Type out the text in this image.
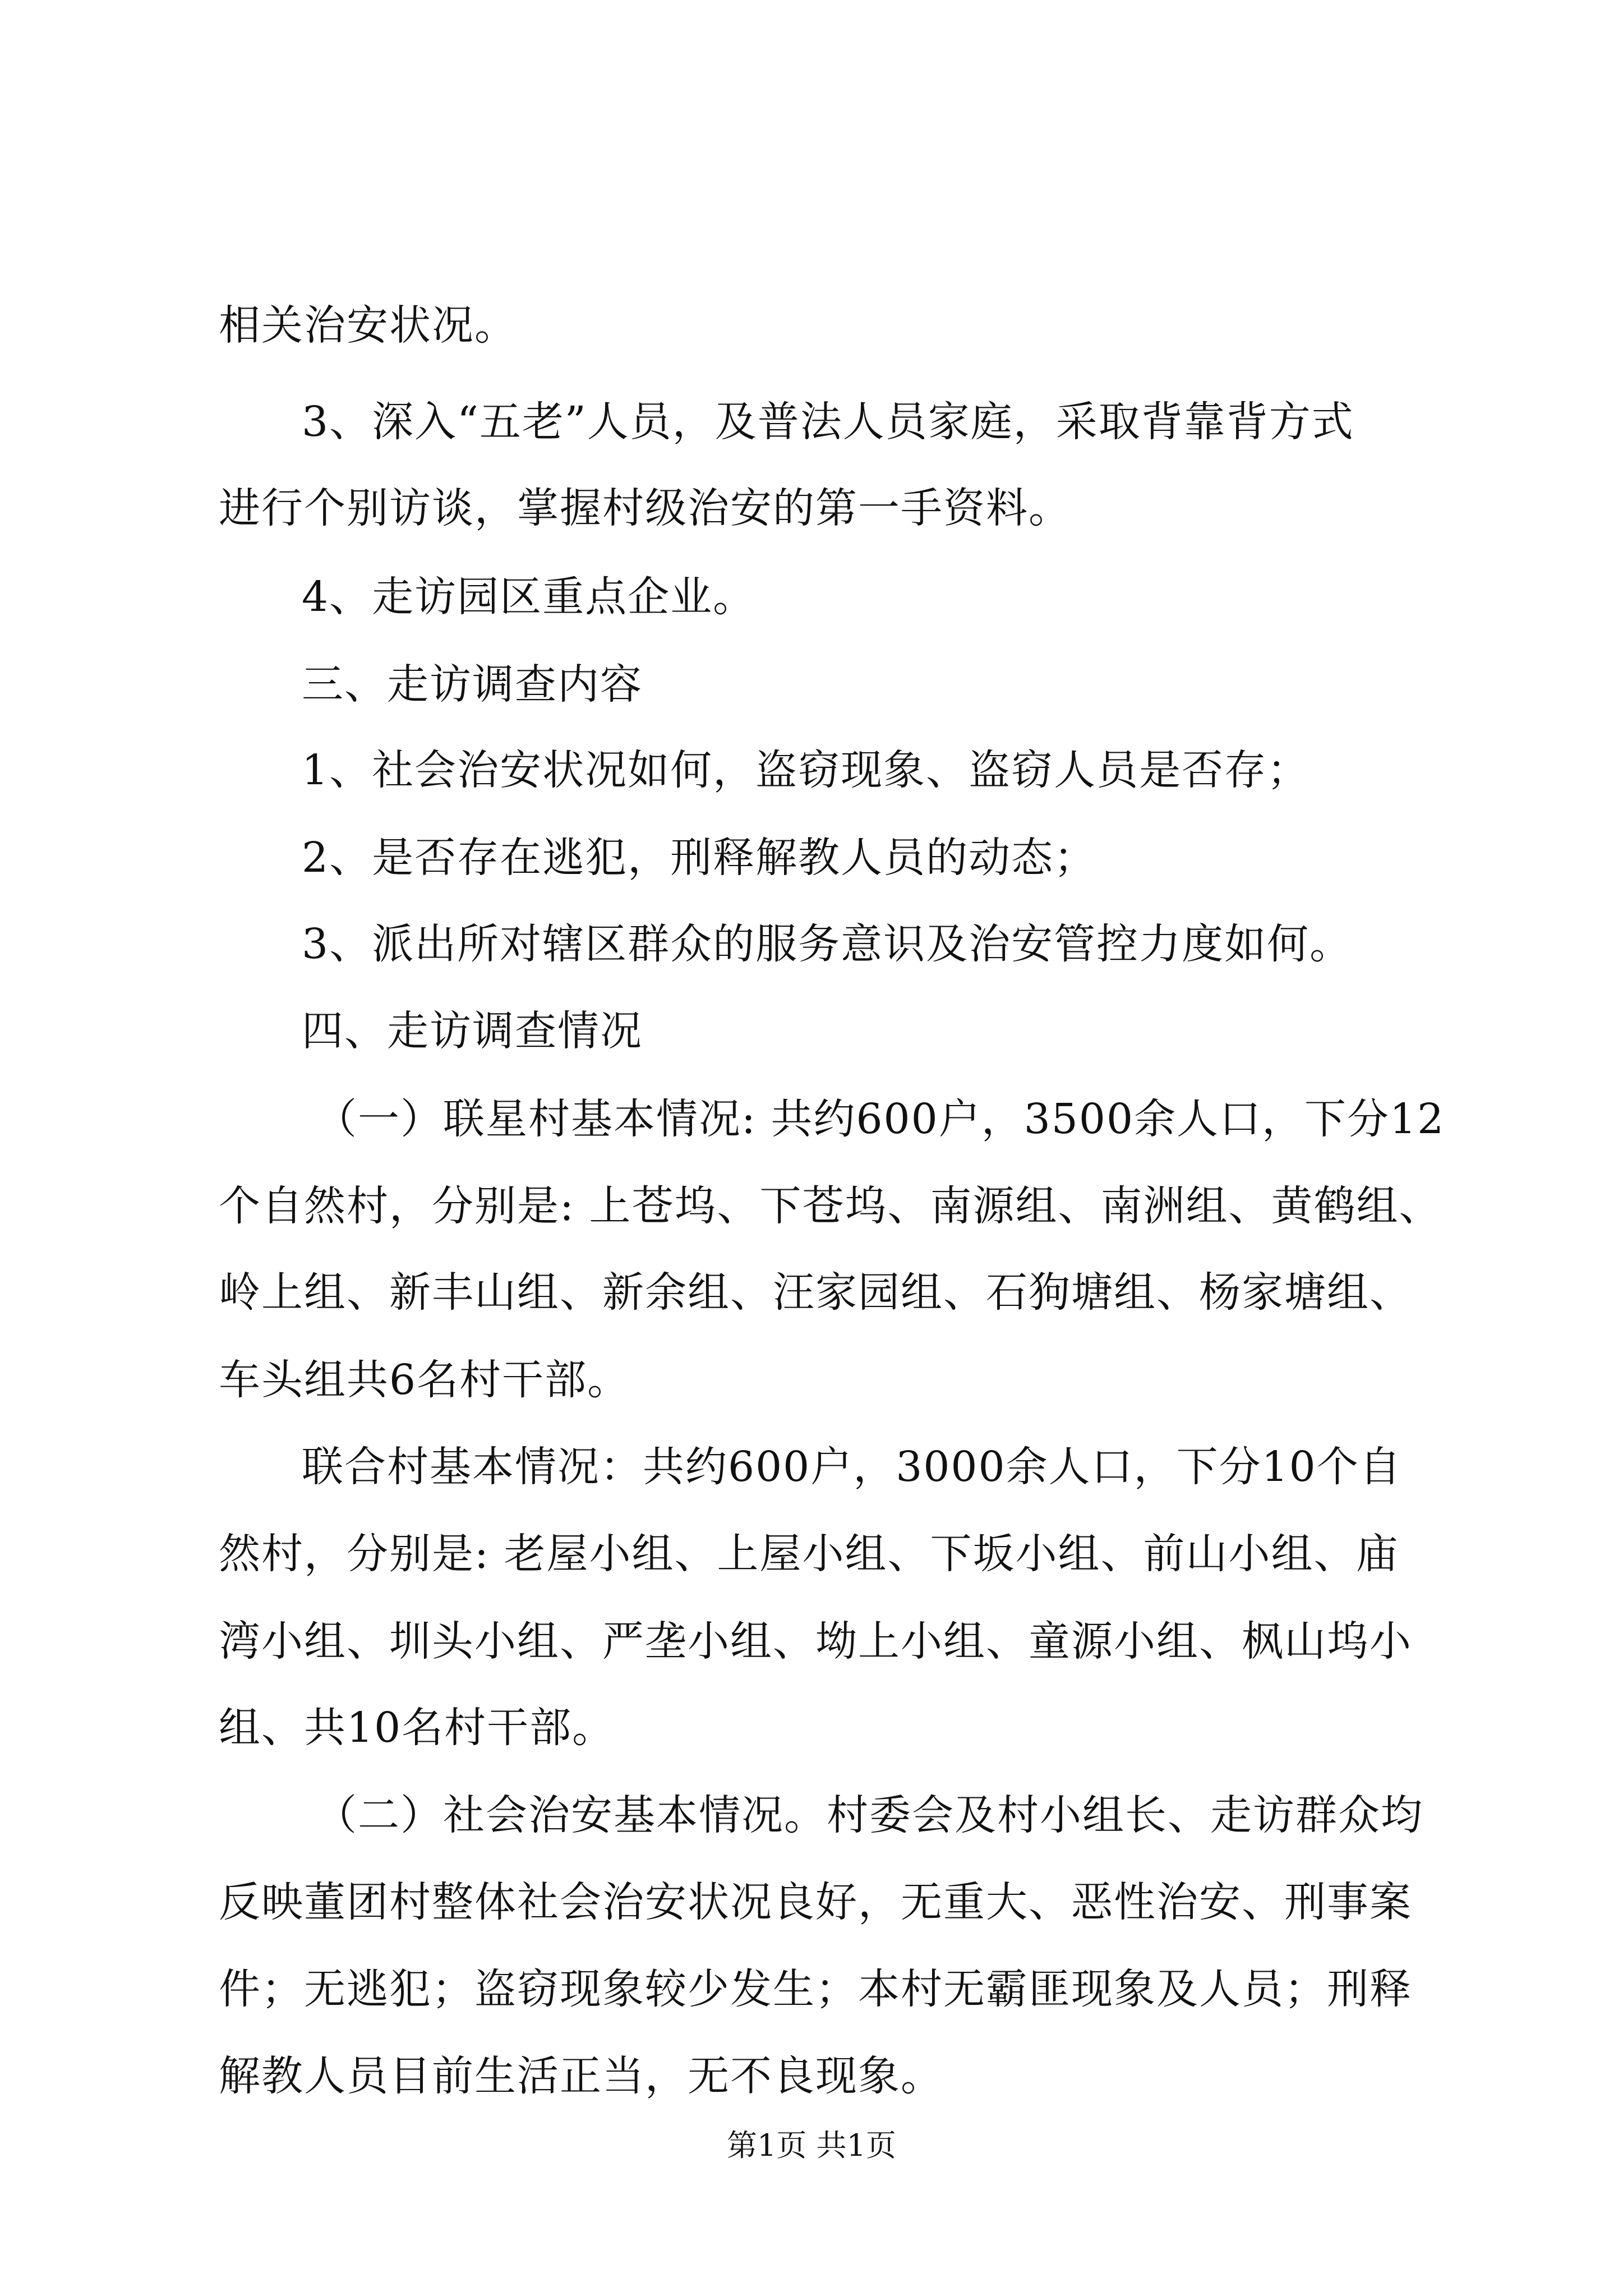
相关治安状况。
3、深入“五老”人员，及普法人员家庭，采取背靠背方式
进行个别访谈，掌握村级治安的第一手资料。
4、走访园区重点企业。
三、走访调查内容
1、社会治安状况如何，盗窃现象、盗窃人员是否存；
2、是否存在逃犯，刑释解教人员的动态；
3、派出所对辖区群众的服务意识及治安管控力度如何。
四、走访调查情况
（一）联星村基本情况: 共约600户，3500余人口，下分12
个自然村，分别是: 上苍坞、下苍坞、南源组、南洲组、黄鹤组、
岭上组、新丰山组、新余组、汪家园组、石狗塘组、杨家塘组、
车头组共6名村干部。
联合村基本情况：共约600户，3000余人口，下分10个自
然村，分别是: 老屋小组、上屋小组、下坂小组、前山小组、庙
湾小组、圳头小组、严垄小组、坳上小组、童源小组、枫山坞小
组、共10名村干部。
（二）社会治安基本情况。村委会及村小组长、走访群众均
反映董团村整体社会治安状况良好，无重大、恶性治安、刑事案
件；无逃犯；盗窃现象较少发生；本村无霸匪现象及人员；刑释
解教人员目前生活正当，无不良现象。
第1页 共1页
